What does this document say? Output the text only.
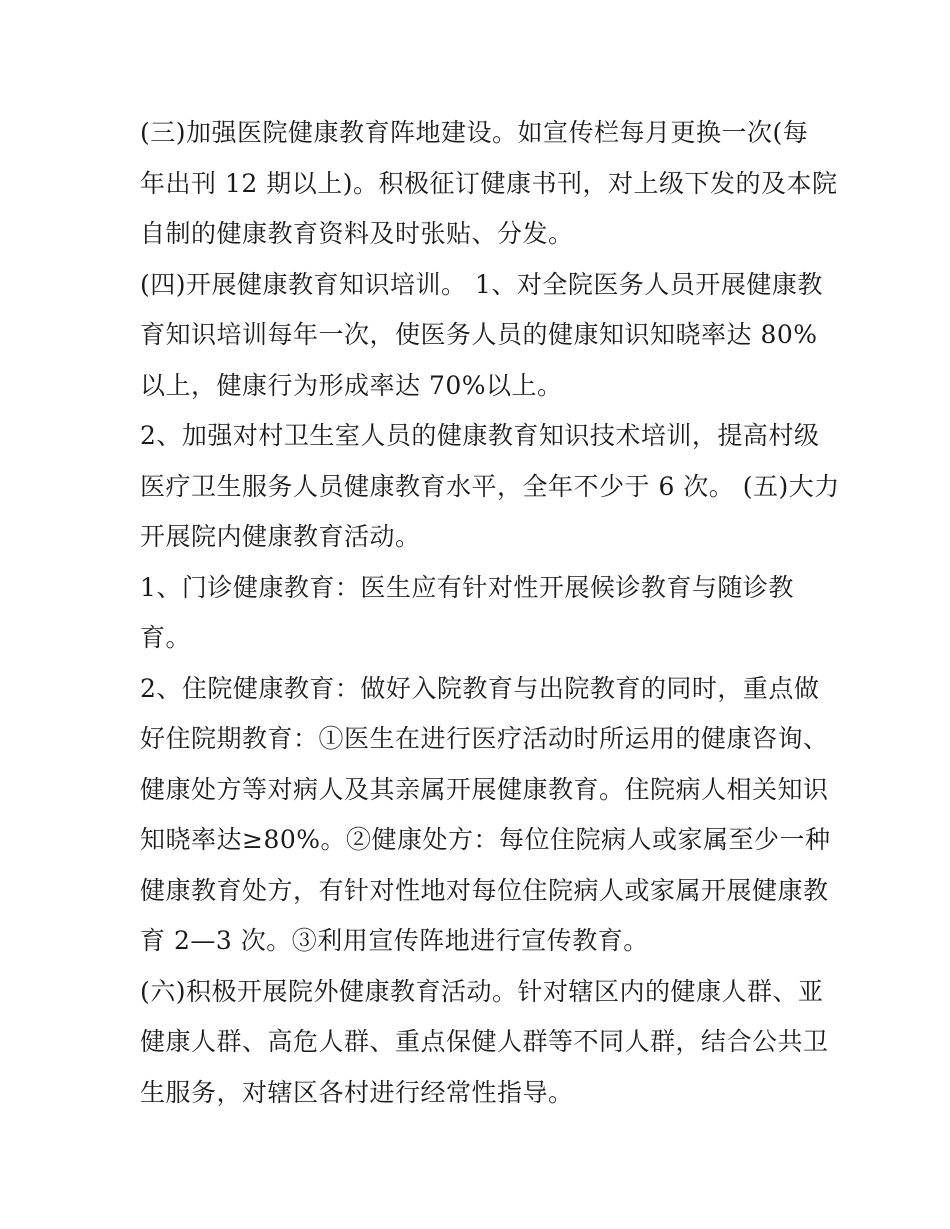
(三)加强医院健康教育阵地建设。如宣传栏每月更换一次(每
年出刊 12 期以上)。积极征订健康书刊，对上级下发的及本院
自制的健康教育资料及时张贴、分发。
(四)开展健康教育知识培训。 1、对全院医务人员开展健康教
育知识培训每年一次，使医务人员的健康知识知晓率达 80%
以上，健康行为形成率达 70%以上。
2、加强对村卫生室人员的健康教育知识技术培训，提高村级
医疗卫生服务人员健康教育水平，全年不少于 6 次。 (五)大力
开展院内健康教育活动。
1、门诊健康教育：医生应有针对性开展候诊教育与随诊教
育。
2、住院健康教育：做好入院教育与出院教育的同时，重点做
好住院期教育：①医生在进行医疗活动时所运用的健康咨询、
健康处方等对病人及其亲属开展健康教育。住院病人相关知识
知晓率达≥80%。②健康处方：每位住院病人或家属至少一种
健康教育处方，有针对性地对每位住院病人或家属开展健康教
育 2—3 次。③利用宣传阵地进行宣传教育。
(六)积极开展院外健康教育活动。针对辖区内的健康人群、亚
健康人群、高危人群、重点保健人群等不同人群，结合公共卫
生服务，对辖区各村进行经常性指导。
